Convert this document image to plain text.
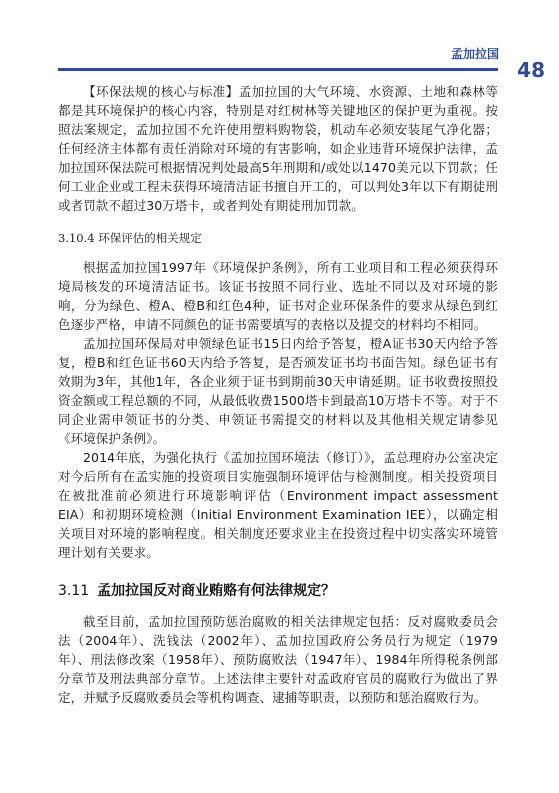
孟加拉国
48

【环保法规的核心与标准】孟加拉国的大气环境、水资源、土地和森林等都是其环境保护的核心内容，特别是对红树林等关键地区的保护更为重视。按照法案规定，孟加拉国不允许使用塑料购物袋，机动车必须安装尾气净化器；任何经济主体都有责任消除对环境的有害影响，如企业违背环境保护法律，孟加拉国环保法院可根据情况判处最高5年刑期和/或处以1470美元以下罚款；任何工业企业或工程未获得环境清洁证书擅自开工的，可以判处3年以下有期徒刑或者罚款不超过30万塔卡，或者判处有期徒刑加罚款。

3.10.4 环保评估的相关规定

根据孟加拉国1997年《环境保护条例》，所有工业项目和工程必须获得环境局核发的环境清洁证书。该证书按照不同行业、选址不同以及对环境的影响，分为绿色、橙A、橙B和红色4种，证书对企业环保条件的要求从绿色到红色逐步严格，申请不同颜色的证书需要填写的表格以及提交的材料均不相同。

孟加拉国环保局对申领绿色证书15日内给予答复，橙A证书30天内给予答复，橙B和红色证书60天内给予答复，是否颁发证书均书面告知。绿色证书有效期为3年，其他1年，各企业须于证书到期前30天申请延期。证书收费按照投资金额或工程总额的不同，从最低收费1500塔卡到最高10万塔卡不等。对于不同企业需申领证书的分类、申领证书需提交的材料以及其他相关规定请参见《环境保护条例》。

2014年底，为强化执行《孟加拉国环境法（修订）》，孟总理府办公室决定对今后所有在孟实施的投资项目实施强制环境评估与检测制度。相关投资项目在被批准前必须进行环境影响评估（Environment impact assessment EIA）和初期环境检测（Initial Environment Examination IEE），以确定相关项目对环境的影响程度。相关制度还要求业主在投资过程中切实落实环境管理计划有关要求。

3.11 孟加拉国反对商业贿赂有何法律规定？

截至目前，孟加拉国预防惩治腐败的相关法律规定包括：反对腐败委员会法（2004年）、洗钱法（2002年）、孟加拉国政府公务员行为规定（1979年）、刑法修改案（1958年）、预防腐败法（1947年）、1984年所得税条例部分章节及刑法典部分章节。上述法律主要针对孟政府官员的腐败行为做出了界定，并赋予反腐败委员会等机构调查、逮捕等职责，以预防和惩治腐败行为。
